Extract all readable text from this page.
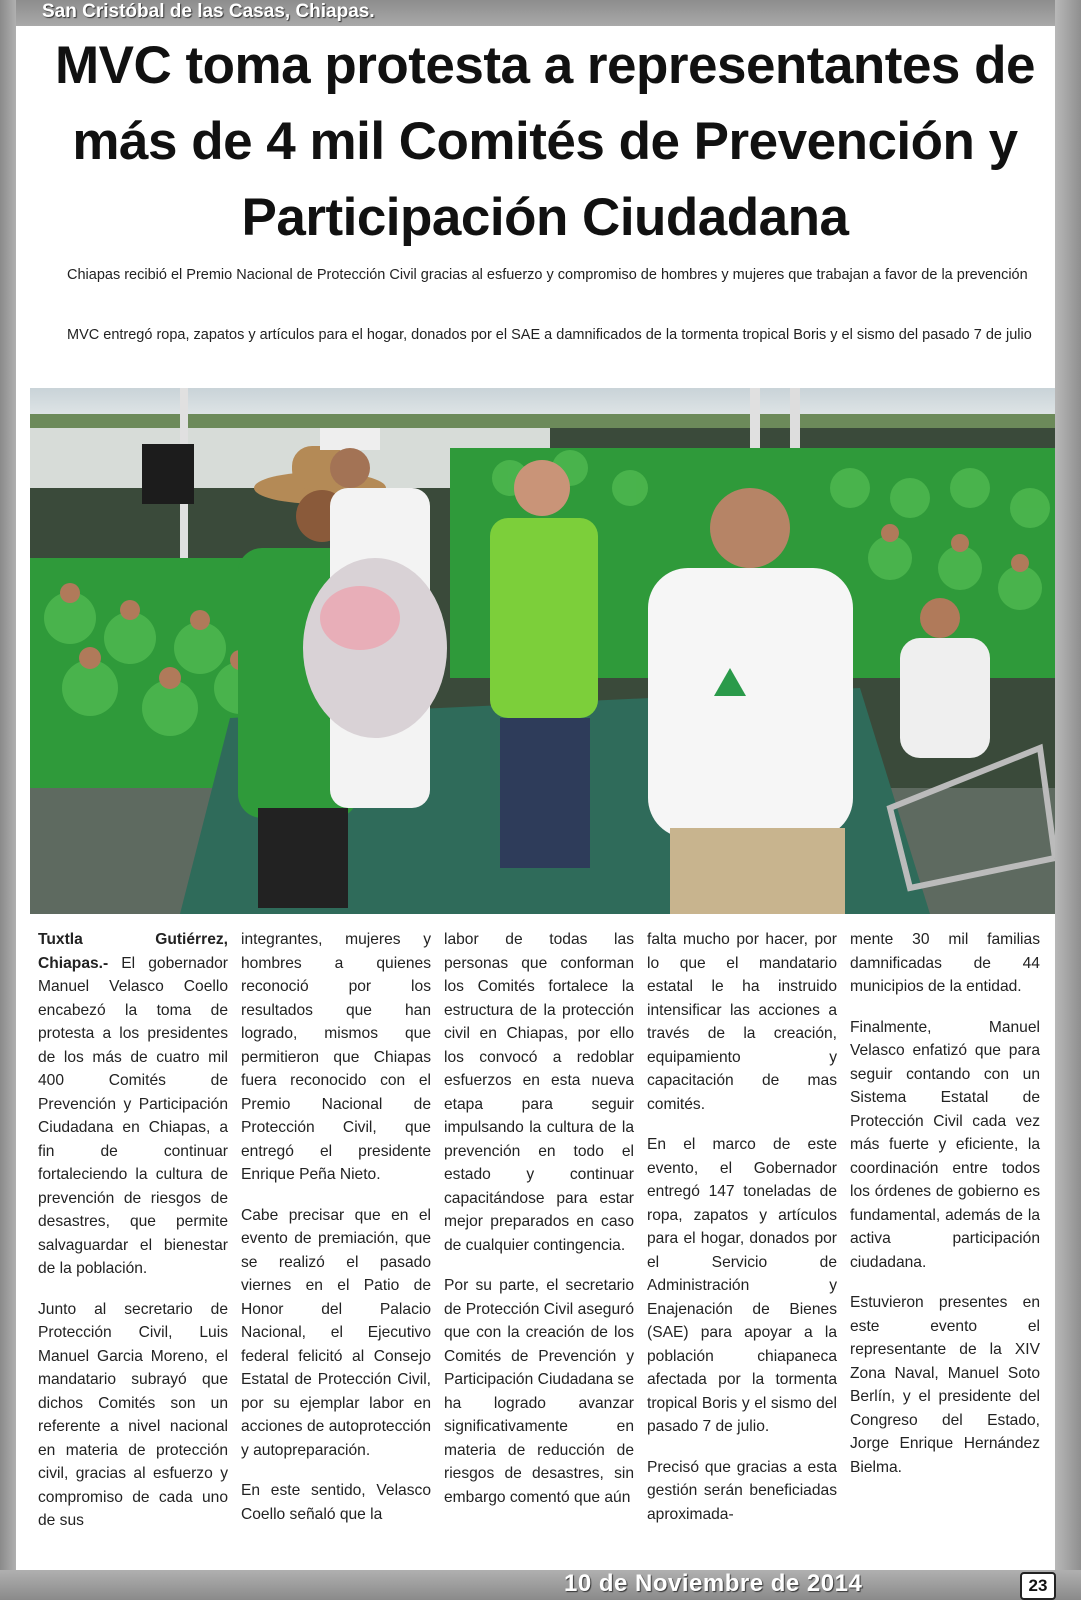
San Cristóbal de las Casas, Chiapas.
MVC toma protesta a representantes de más de 4 mil Comités de Prevención y Participación Ciudadana
Chiapas recibió el Premio Nacional de Protección Civil gracias al esfuerzo y compromiso de hombres y mujeres que trabajan a favor de la prevención
MVC entregó ropa, zapatos y artículos para el hogar, donados por el SAE a damnificados de la tormenta tropical Boris y el sismo del pasado 7 de julio

Tuxtla Gutiérrez, Chiapas.- El gobernador Manuel Velasco Coello encabezó la toma de protesta a los presidentes de los más de cuatro mil 400 Comités de Prevención y Participación Ciudadana en Chiapas, a fin de continuar fortaleciendo la cultura de prevención de riesgos de desastres, que permite salvaguardar el bienestar de la población.

Junto al secretario de Protección Civil, Luis Manuel Garcia Moreno, el mandatario subrayó que dichos Comités son un referente a nivel nacional en materia de protección civil, gracias al esfuerzo y compromiso de cada uno de sus

integrantes, mujeres y hombres a quienes reconoció por los resultados que han logrado, mismos que permitieron que Chiapas fuera reconocido con el Premio Nacional de Protección Civil, que entregó el presidente Enrique Peña Nieto.

Cabe precisar que en el evento de premiación, que se realizó el pasado viernes en el Patio de Honor del Palacio Nacional, el Ejecutivo federal felicitó al Consejo Estatal de Protección Civil, por su ejemplar labor en acciones de autoprotección y autopreparación.

En este sentido, Velasco Coello señaló que la

labor de todas las personas que conforman los Comités fortalece la estructura de la protección civil en Chiapas, por ello los convocó a redoblar esfuerzos en esta nueva etapa para seguir impulsando la cultura de la prevención en todo el estado y continuar capacitándose para estar mejor preparados en caso de cualquier contingencia.

Por su parte, el secretario de Protección Civil aseguró que con la creación de los Comités de Prevención y Participación Ciudadana se ha logrado avanzar significativamente en materia de reducción de riesgos de desastres, sin embargo comentó que aún

falta mucho por hacer, por lo que el mandatario estatal le ha instruido intensificar las acciones a través de la creación, equipamiento y capacitación de mas comités.

En el marco de este evento, el Gobernador entregó 147 toneladas de ropa, zapatos y artículos para el hogar, donados por el Servicio de Administración y Enajenación de Bienes (SAE) para apoyar a la población chiapaneca afectada por la tormenta tropical Boris y el sismo del pasado 7 de julio.

Precisó que gracias a esta gestión serán beneficiadas aproximada-

mente 30 mil familias damnificadas de 44 municipios de la entidad.

Finalmente, Manuel Velasco enfatizó que para seguir contando con un Sistema Estatal de Protección Civil cada vez más fuerte y eficiente, la coordinación entre todos los órdenes de gobierno es fundamental, además de la activa participación ciudadana.

Estuvieron presentes en este evento el representante de la XIV Zona Naval, Manuel Soto Berlín, y el presidente del Congreso del Estado, Jorge Enrique Hernández Bielma.

10 de Noviembre de 2014	23
